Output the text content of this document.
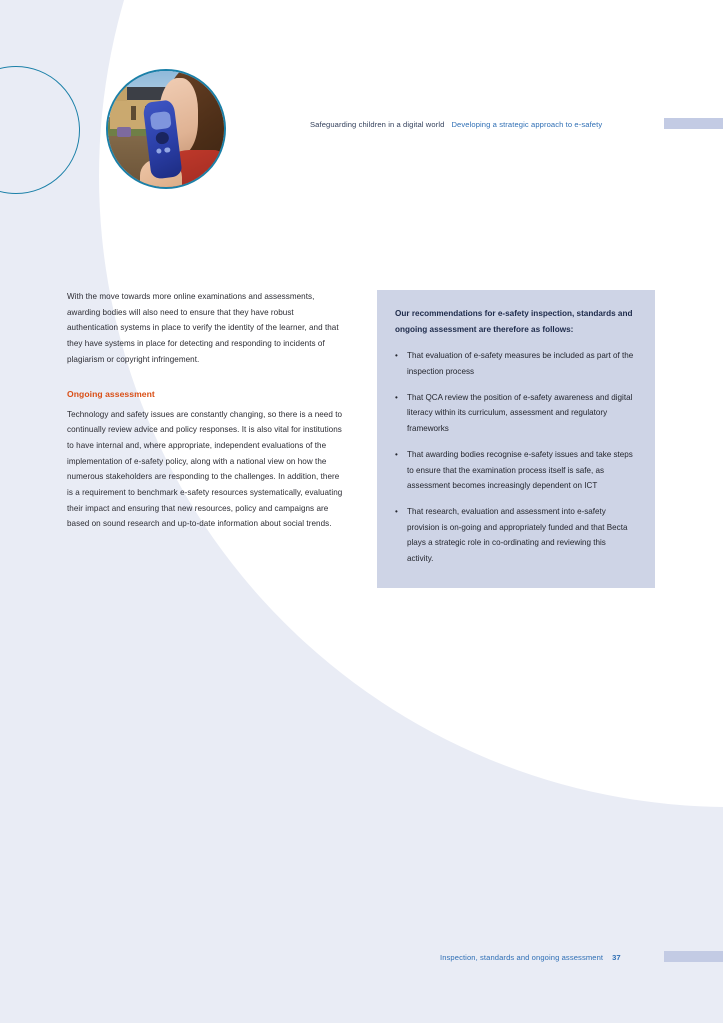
Safeguarding children in a digital world Developing a strategic approach to e-safety

With the move towards more online examinations and assessments, awarding bodies will also need to ensure that they have robust authentication systems in place to verify the identity of the learner, and that they have systems in place for detecting and responding to incidents of plagiarism or copyright infringement.

Ongoing assessment

Technology and safety issues are constantly changing, so there is a need to continually review advice and policy responses. It is also vital for institutions to have internal and, where appropriate, independent evaluations of the implementation of e-safety policy, along with a national view on how the numerous stakeholders are responding to the challenges. In addition, there is a requirement to benchmark e-safety resources systematically, evaluating their impact and ensuring that new resources, policy and campaigns are based on sound research and up-to-date information about social trends.

Our recommendations for e-safety inspection, standards and ongoing assessment are therefore as follows:
• That evaluation of e-safety measures be included as part of the inspection process
• That QCA review the position of e-safety awareness and digital literacy within its curriculum, assessment and regulatory frameworks
• That awarding bodies recognise e-safety issues and take steps to ensure that the examination process itself is safe, as assessment becomes increasingly dependent on ICT
• That research, evaluation and assessment into e-safety provision is on-going and appropriately funded and that Becta plays a strategic role in co-ordinating and reviewing this activity.
Inspection, standards and ongoing assessment 37
